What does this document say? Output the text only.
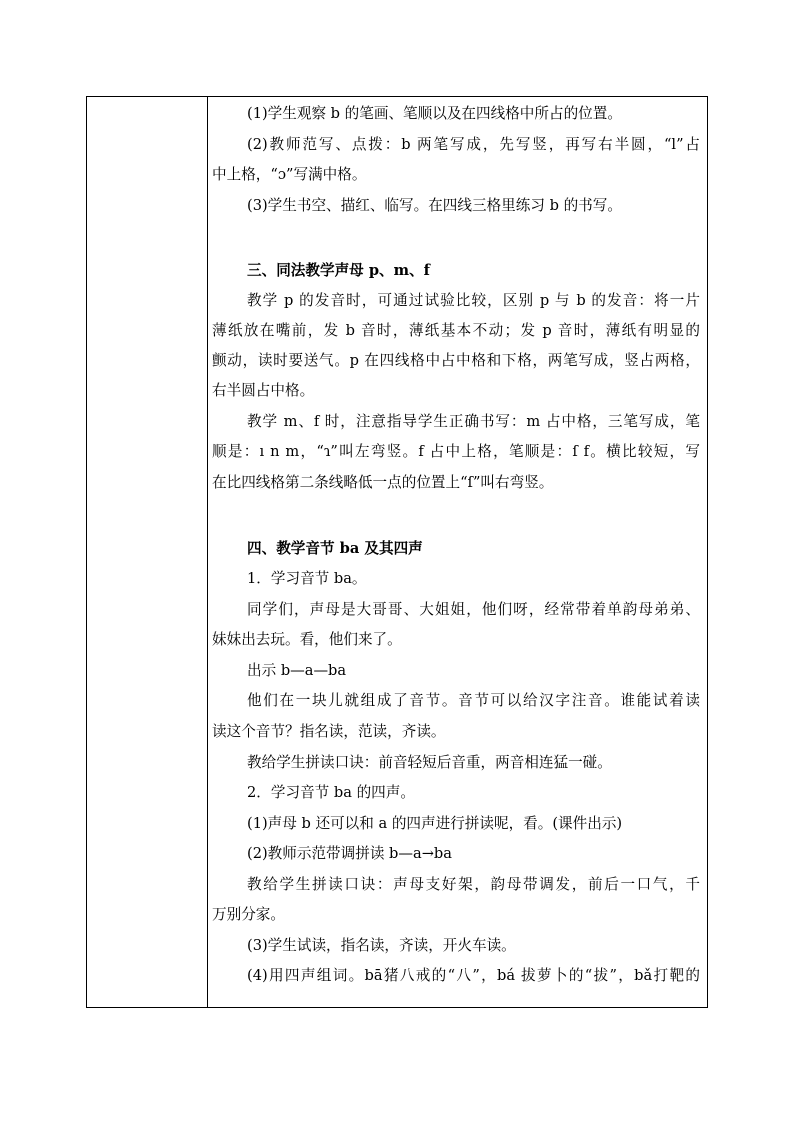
(1)学生观察 b 的笔画、笔顺以及在四线格中所占的位置。
(2)教师范写、点拨：b 两笔写成，先写竖，再写右半圆，“l”占
中上格，“ɔ”写满中格。
(3)学生书空、描红、临写。在四线三格里练习 b 的书写。
三、同法教学声母 p、m、f
教学 p 的发音时，可通过试验比较，区别 p 与 b 的发音：将一片
薄纸放在嘴前，发 b 音时，薄纸基本不动；发 p 音时，薄纸有明显的
颤动，读时要送气。p 在四线格中占中格和下格，两笔写成，竖占两格，
右半圆占中格。
教学 m、f 时，注意指导学生正确书写：m 占中格，三笔写成，笔
顺是：ı n m，“ɿ”叫左弯竖。f 占中上格，笔顺是：ſ f。横比较短，写
在比四线格第二条线略低一点的位置上“ſ”叫右弯竖。
四、教学音节 ba 及其四声
1．学习音节 ba。
同学们，声母是大哥哥、大姐姐，他们呀，经常带着单韵母弟弟、
妹妹出去玩。看，他们来了。
出示 b—a—ba
他们在一块儿就组成了音节。音节可以给汉字注音。谁能试着读
读这个音节？指名读，范读，齐读。
教给学生拼读口诀：前音轻短后音重，两音相连猛一碰。
2．学习音节 ba 的四声。
(1)声母 b 还可以和 a 的四声进行拼读呢，看。(课件出示)
(2)教师示范带调拼读 b—a→ba
教给学生拼读口诀：声母支好架，韵母带调发，前后一口气，千
万别分家。
(3)学生试读，指名读，齐读，开火车读。
(4)用四声组词。bā猪八戒的“八”，bá 拔萝卜的“拔”，bǎ打靶的
